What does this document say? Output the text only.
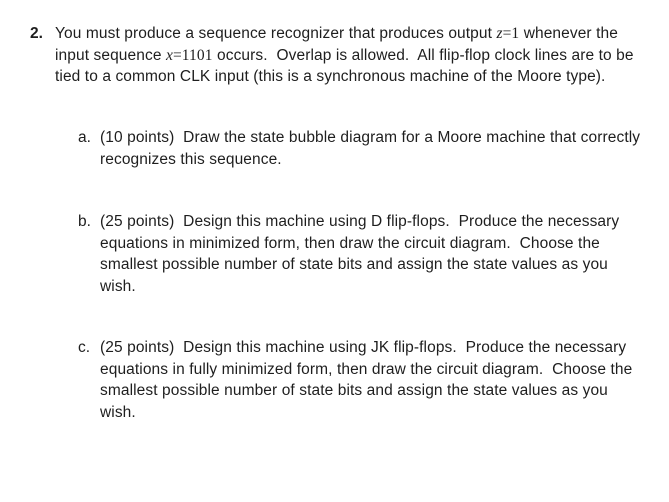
2. You must produce a sequence recognizer that produces output z=1 whenever the
input sequence x=1101 occurs.  Overlap is allowed.  All flip-flop clock lines are to be
tied to a common CLK input (this is a synchronous machine of the Moore type).
a. (10 points)  Draw the state bubble diagram for a Moore machine that correctly
recognizes this sequence.
b. (25 points)  Design this machine using D flip-flops.  Produce the necessary
equations in minimized form, then draw the circuit diagram.  Choose the
smallest possible number of state bits and assign the state values as you
wish.
c. (25 points)  Design this machine using JK flip-flops.  Produce the necessary
equations in fully minimized form, then draw the circuit diagram.  Choose the
smallest possible number of state bits and assign the state values as you
wish.
